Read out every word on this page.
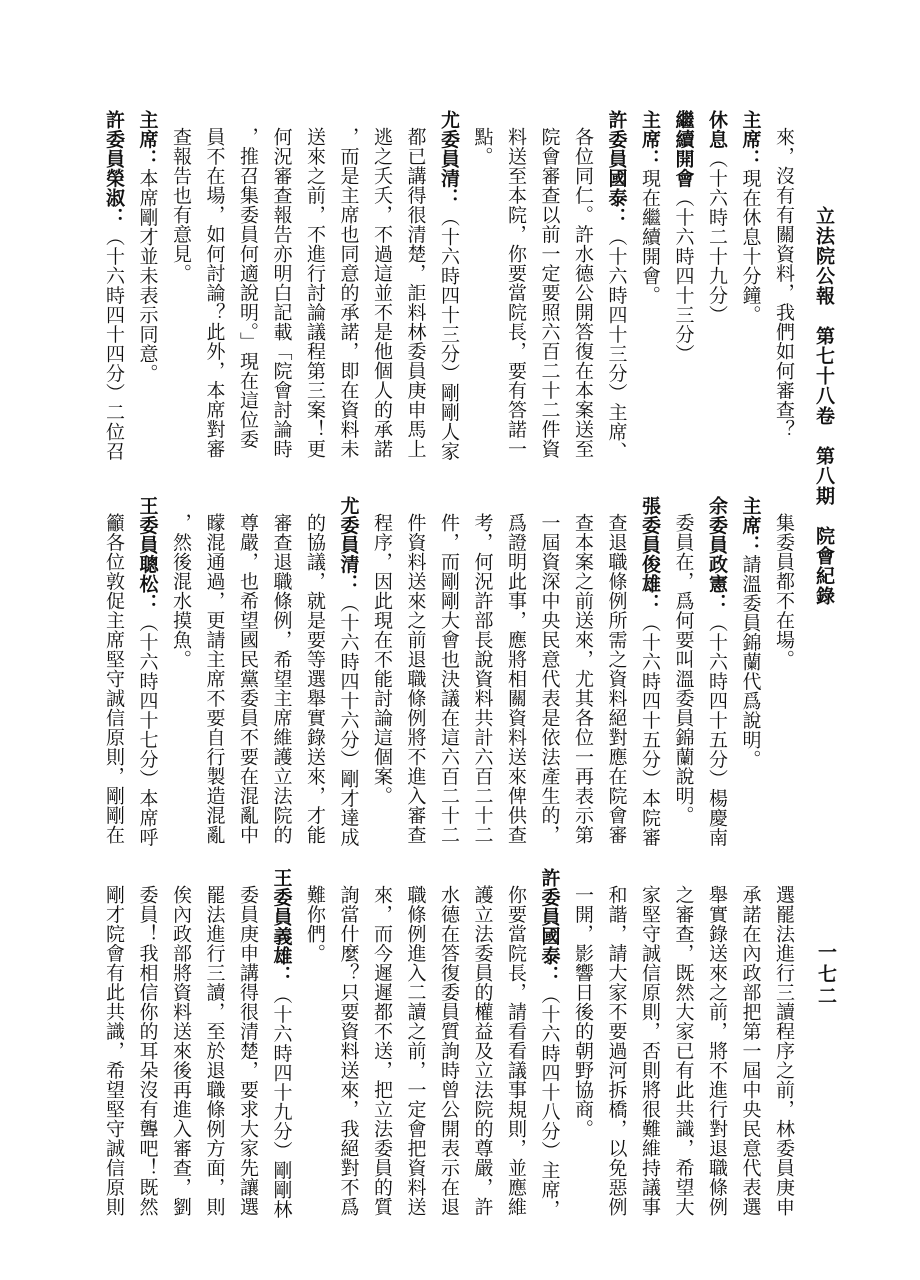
立法院公報　第七十八卷　第八期　院會紀錄
一七二
來，沒有有關資料，我們如何審查？
主席：現在休息十分鐘。
休息（十六時二十九分）
繼續開會（十六時四十三分）
主席：現在繼續開會。
許委員國泰：（十六時四十三分）主席、
各位同仁。許水德公開答復在本案送至
院會審查以前一定要照六百二十二件資
料送至本院，你要當院長，要有答諾一
點。
尤委員清：（十六時四十三分）剛剛人家
都已講得很清楚，詎料林委員庚申馬上
逃之夭夭，不過這並不是他個人的承諾
，而是主席也同意的承諾，即在資料未
送來之前，不進行討論議程第三案！更
何況審查報告亦明白記載「院會討論時
，推召集委員何適說明。」現在這位委
員不在場，如何討論？此外，本席對審
查報告也有意見。
主席：本席剛才並未表示同意。
許委員榮淑：（十六時四十四分）二位召
集委員都不在場。
主席：請溫委員錦蘭代爲說明。
余委員政憲：（十六時四十五分）楊慶南
委員在，爲何要叫溫委員錦蘭說明。
張委員俊雄：（十六時四十五分）本院審
查退職條例所需之資料絕對應在院會審
查本案之前送來，尤其各位一再表示第
一屆資深中央民意代表是依法產生的，
爲證明此事，應將相關資料送來俾供查
考，何況許部長說資料共計六百二十二
件，而剛剛大會也決議在這六百二十二
件資料送來之前退職條例將不進入審查
程序，因此現在不能討論這個案。
尤委員清：（十六時四十六分）剛才達成
的協議，就是要等選舉實錄送來，才能
審查退職條例，希望主席維護立法院的
尊嚴，也希望國民黨委員不要在混亂中
矇混通過，更請主席不要自行製造混亂
，然後混水摸魚。
王委員聰松：（十六時四十七分）本席呼
籲各位敦促主席堅守誠信原則，剛剛在
選罷法進行三讀程序之前，林委員庚申
承諾在內政部把第一屆中央民意代表選
舉實錄送來之前，將不進行對退職條例
之審查，既然大家已有此共識，希望大
家堅守誠信原則，否則將很難維持議事
和諧，請大家不要過河拆橋，以免惡例
一開，影響日後的朝野協商。
許委員國泰：（十六時四十八分）主席，
你要當院長，請看看議事規則，並應維
護立法委員的權益及立法院的尊嚴，許
水德在答復委員質詢時曾公開表示在退
職條例進入二讀之前，一定會把資料送
來，而今遲遲都不送，把立法委員的質
詢當什麼？只要資料送來，我絕對不爲
難你們。
王委員義雄：（十六時四十九分）剛剛林
委員庚申講得很清楚，要求大家先讓選
罷法進行三讀，至於退職條例方面，則
俟內政部將資料送來後再進入審查，劉
委員！我相信你的耳朵沒有聾吧！既然
剛才院會有此共識，希望堅守誠信原則
